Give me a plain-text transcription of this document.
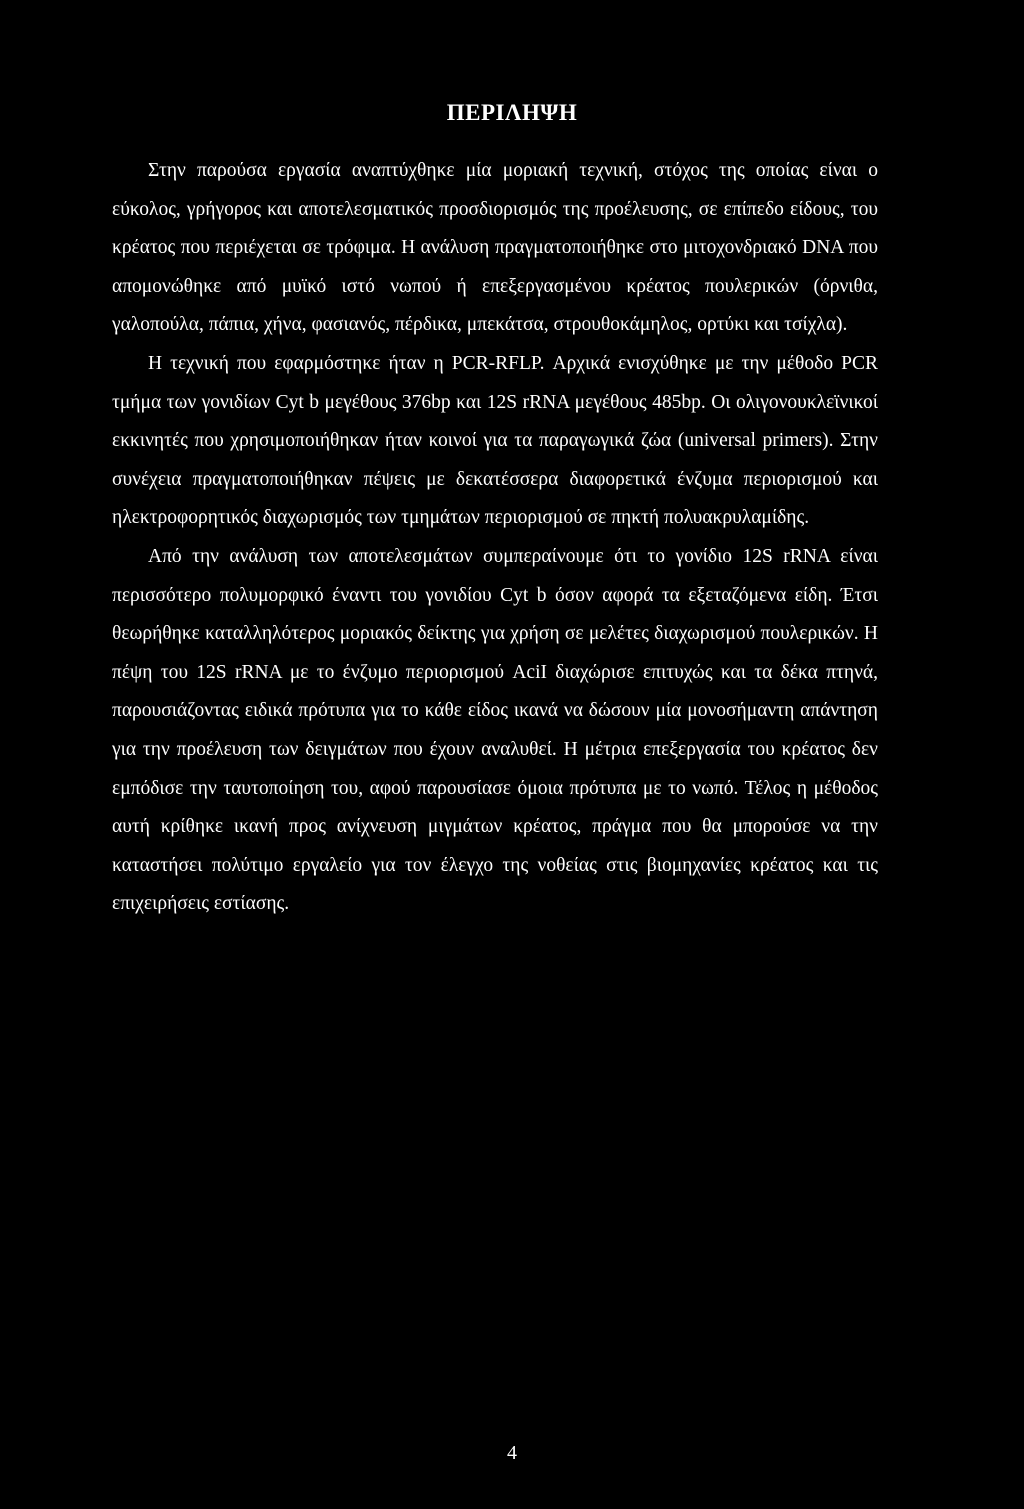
ΠΕΡΙΛΗΨΗ

Στην παρούσα εργασία αναπτύχθηκε μία μοριακή τεχνική, στόχος της οποίας είναι ο εύκολος, γρήγορος και αποτελεσματικός προσδιορισμός της προέλευσης, σε επίπεδο είδους, του κρέατος που περιέχεται σε τρόφιμα. Η ανάλυση πραγματοποιήθηκε στο μιτοχονδριακό DNA που απομονώθηκε από μυϊκό ιστό νωπού ή επεξεργασμένου κρέατος πουλερικών (όρνιθα, γαλοπούλα, πάπια, χήνα, φασιανός, πέρδικα, μπεκάτσα, στρουθοκάμηλος, ορτύκι και τσίχλα).

Η τεχνική που εφαρμόστηκε ήταν η PCR-RFLP. Αρχικά ενισχύθηκε με την μέθοδο PCR τμήμα των γονιδίων Cyt b μεγέθους 376bp και 12S rRNA μεγέθους 485bp. Οι ολιγονουκλεϊνικοί εκκινητές που χρησιμοποιήθηκαν ήταν κοινοί για τα παραγωγικά ζώα (universal primers). Στην συνέχεια πραγματοποιήθηκαν πέψεις με δεκατέσσερα διαφορετικά ένζυμα περιορισμού και ηλεκτροφορητικός διαχωρισμός των τμημάτων περιορισμού σε πηκτή πολυακρυλαμίδης.

Από την ανάλυση των αποτελεσμάτων συμπεραίνουμε ότι το γονίδιο 12S rRNA είναι περισσότερο πολυμορφικό έναντι του γονιδίου Cyt b όσον αφορά τα εξεταζόμενα είδη. Έτσι θεωρήθηκε καταλληλότερος μοριακός δείκτης για χρήση σε μελέτες διαχωρισμού πουλερικών. Η πέψη του 12S rRNA με το ένζυμο περιορισμού AciI διαχώρισε επιτυχώς και τα δέκα πτηνά, παρουσιάζοντας ειδικά πρότυπα για το κάθε είδος ικανά να δώσουν μία μονοσήμαντη απάντηση για την προέλευση των δειγμάτων που έχουν αναλυθεί. Η μέτρια επεξεργασία του κρέατος δεν εμπόδισε την ταυτοποίηση του, αφού παρουσίασε όμοια πρότυπα με το νωπό. Τέλος η μέθοδος αυτή κρίθηκε ικανή προς ανίχνευση μιγμάτων κρέατος, πράγμα που θα μπορούσε να την καταστήσει πολύτιμο εργαλείο για τον έλεγχο της νοθείας στις βιομηχανίες κρέατος και τις επιχειρήσεις εστίασης.

4
